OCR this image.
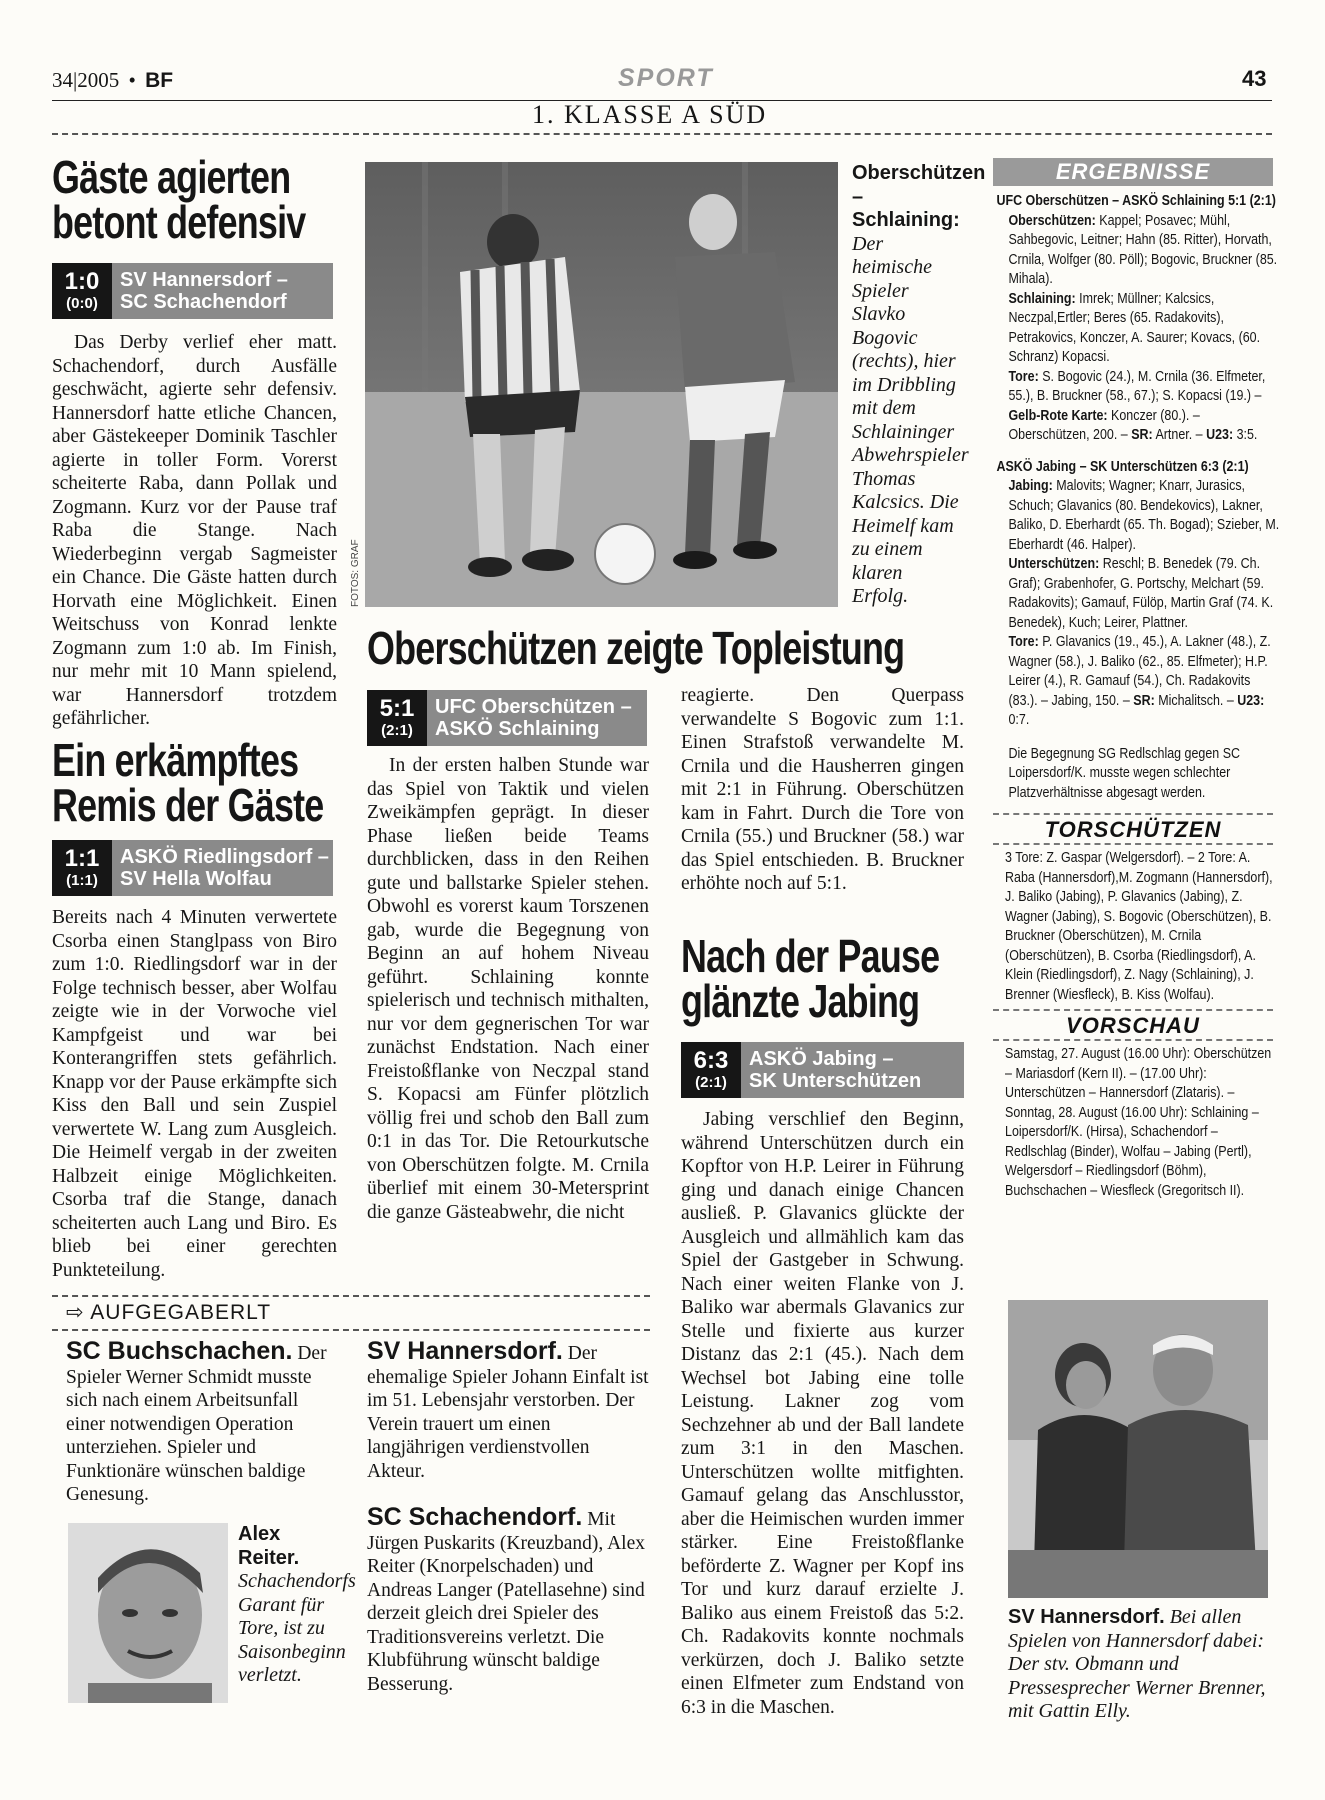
34|2005 • BF	SPORT	43
1. KLASSE A SÜD
Gäste agierten
betont defensiv
1:0
(0:0)
SV Hannersdorf –
SC Schachendorf

Das Derby verlief eher matt. Schachendorf, durch Ausfälle geschwächt, agierte sehr defensiv. Hannersdorf hatte etliche Chancen, aber Gästekeeper Dominik Taschler agierte in toller Form. Vorerst scheiterte Raba, dann Pollak und Zogmann. Kurz vor der Pause traf Raba die Stange. Nach Wiederbeginn vergab Sagmeister ein Chance. Die Gäste hatten durch Horvath eine Möglichkeit. Einen Weitschuss von Konrad lenkte Zogmann zum 1:0 ab. Im Finish, nur mehr mit 10 Mann spielend, war Hannersdorf trotzdem gefährlicher.

Ein erkämpftes
Remis der Gäste
1:1
(1:1)
ASKÖ Riedlingsdorf –
SV Hella Wolfau

Bereits nach 4 Minuten verwertete Csorba einen Stanglpass von Biro zum 1:0. Riedlingsdorf war in der Folge technisch besser, aber Wolfau zeigte wie in der Vorwoche viel Kampfgeist und war bei Konterangriffen stets gefährlich. Knapp vor der Pause erkämpfte sich Kiss den Ball und sein Zuspiel verwertete W. Lang zum Ausgleich. Die Heimelf vergab in der zweiten Halbzeit einige Möglichkeiten. Csorba traf die Stange, danach scheiterten auch Lang und Biro. Es blieb bei einer gerechten Punkteteilung.

FOTOS: GRAF
Oberschützen – Schlaining: Der heimische Spieler Slavko Bogovic (rechts), hier im Dribbling mit dem Schlaininger Abwehrspieler Thomas Kalcsics. Die Heimelf kam zu einem klaren Erfolg.
Oberschützen zeigte Topleistung
5:1
(2:1)
UFC Oberschützen –
ASKÖ Schlaining

In der ersten halben Stunde war das Spiel von Taktik und vielen Zweikämpfen geprägt. In dieser Phase ließen beide Teams durchblicken, dass in den Reihen gute und ballstarke Spieler stehen. Obwohl es vorerst kaum Torszenen gab, wurde die Begegnung von Beginn an auf hohem Niveau geführt. Schlaining konnte spielerisch und technisch mithalten, nur vor dem gegnerischen Tor war zunächst Endstation. Nach einer Freistoßflanke von Neczpal stand S. Kopacsi am Fünfer plötzlich völlig frei und schob den Ball zum 0:1 in das Tor. Die Retourkutsche von Oberschützen folgte. M. Crnila überlief mit einem 30-Metersprint die ganze Gästeabwehr, die nicht

reagierte. Den Querpass verwandelte S Bogovic zum 1:1. Einen Strafstoß verwandelte M. Crnila und die Hausherren gingen mit 2:1 in Führung. Oberschützen kam in Fahrt. Durch die Tore von Crnila (55.) und Bruckner (58.) war das Spiel entschieden. B. Bruckner erhöhte noch auf 5:1.

Nach der Pause
glänzte Jabing
6:3
(2:1)
ASKÖ Jabing –
SK Unterschützen

Jabing verschlief den Beginn, während Unterschützen durch ein Kopftor von H.P. Leirer in Führung ging und danach einige Chancen ausließ. P. Glavanics glückte der Ausgleich und allmählich kam das Spiel der Gastgeber in Schwung. Nach einer weiten Flanke von J. Baliko war abermals Glavanics zur Stelle und fixierte aus kurzer Distanz das 2:1 (45.). Nach dem Wechsel bot Jabing eine tolle Leistung. Lakner zog vom Sechzehner ab und der Ball landete zum 3:1 in den Maschen. Unterschützen wollte mitfighten. Gamauf gelang das Anschlusstor, aber die Heimischen wurden immer stärker. Eine Freistoßflanke beförderte Z. Wagner per Kopf ins Tor und kurz darauf erzielte J. Baliko aus einem Freistoß das 5:2. Ch. Radakovits konnte nochmals verkürzen, doch J. Baliko setzte einen Elfmeter zum Endstand von 6:3 in die Maschen.

⇨ AUFGEGABERLT
SC Buchschachen. Der Spieler Werner Schmidt musste sich nach einem Arbeitsunfall einer notwendigen Operation unterziehen. Spieler und Funktionäre wünschen baldige Genesung.
Alex Reiter. Schachendorfs Garant für Tore, ist zu Saisonbeginn verletzt.
SV Hannersdorf. Der ehemalige Spieler Johann Einfalt ist im 51. Lebensjahr verstorben. Der Verein trauert um einen langjährigen verdienstvollen Akteur.
SC Schachendorf. Mit Jürgen Puskarits (Kreuzband), Alex Reiter (Knorpelschaden) und Andreas Langer (Patellasehne) sind derzeit gleich drei Spieler des Traditionsvereins verletzt. Die Klubführung wünscht baldige Besserung.
ERGEBNISSE
UFC Oberschützen – ASKÖ Schlaining 5:1 (2:1)
Oberschützen: Kappel; Posavec; Mühl, Sahbegovic, Leitner; Hahn (85. Ritter), Horvath, Crnila, Wolfger (80. Pöll); Bogovic, Bruckner (85. Mihala).
Schlaining: Imrek; Müllner; Kalcsics, Neczpal,Ertler; Beres (65. Radakovits), Petrakovics, Konczer, A. Saurer; Kovacs, (60. Schranz) Kopacsi.
Tore: S. Bogovic (24.), M. Crnila (36. Elfmeter, 55.), B. Bruckner (58., 67.); S. Kopacsi (19.) – Gelb-Rote Karte: Konczer (80.). – Oberschützen, 200. – SR: Artner. – U23: 3:5.
ASKÖ Jabing – SK Unterschützen 6:3 (2:1)
Jabing: Malovits; Wagner; Knarr, Jurasics, Schuch; Glavanics (80. Bendekovics), Lakner, Baliko, D. Eberhardt (65. Th. Bogad); Szieber, M. Eberhardt (46. Halper).
Unterschützen: Reschl; B. Benedek (79. Ch. Graf); Grabenhofer, G. Portschy, Melchart (59. Radakovits); Gamauf, Fülöp, Martin Graf (74. K. Benedek), Kuch; Leirer, Plattner.
Tore: P. Glavanics (19., 45.), A. Lakner (48.), Z. Wagner (58.), J. Baliko (62., 85. Elfmeter); H.P. Leirer (4.), R. Gamauf (54.), Ch. Radakovits (83.). – Jabing, 150. – SR: Michalitsch. – U23: 0:7.
Die Begegnung SG Redlschlag gegen SC Loipersdorf/K. musste wegen schlechter Platzverhältnisse abgesagt werden.
TORSCHÜTZEN
3 Tore: Z. Gaspar (Welgersdorf). – 2 Tore: A. Raba (Hannersdorf),M. Zogmann (Hannersdorf), J. Baliko (Jabing), P. Glavanics (Jabing), Z. Wagner (Jabing), S. Bogovic (Oberschützen), B. Bruckner (Oberschützen), M. Crnila (Oberschützen), B. Csorba (Riedlingsdorf), A. Klein (Riedlingsdorf), Z. Nagy (Schlaining), J. Brenner (Wiesfleck), B. Kiss (Wolfau).
VORSCHAU
Samstag, 27. August (16.00 Uhr): Oberschützen – Mariasdorf (Kern II). – (17.00 Uhr): Unterschützen – Hannersdorf (Zlataris). – Sonntag, 28. August (16.00 Uhr): Schlaining – Loipersdorf/K. (Hirsa), Schachendorf – Redlschlag (Binder), Wolfau – Jabing (Pertl), Welgersdorf – Riedlingsdorf (Böhm), Buchschachen – Wiesfleck (Gregoritsch II).
SV Hannersdorf. Bei allen Spielen von Hannersdorf dabei: Der stv. Obmann und Pressesprecher Werner Brenner, mit Gattin Elly.
